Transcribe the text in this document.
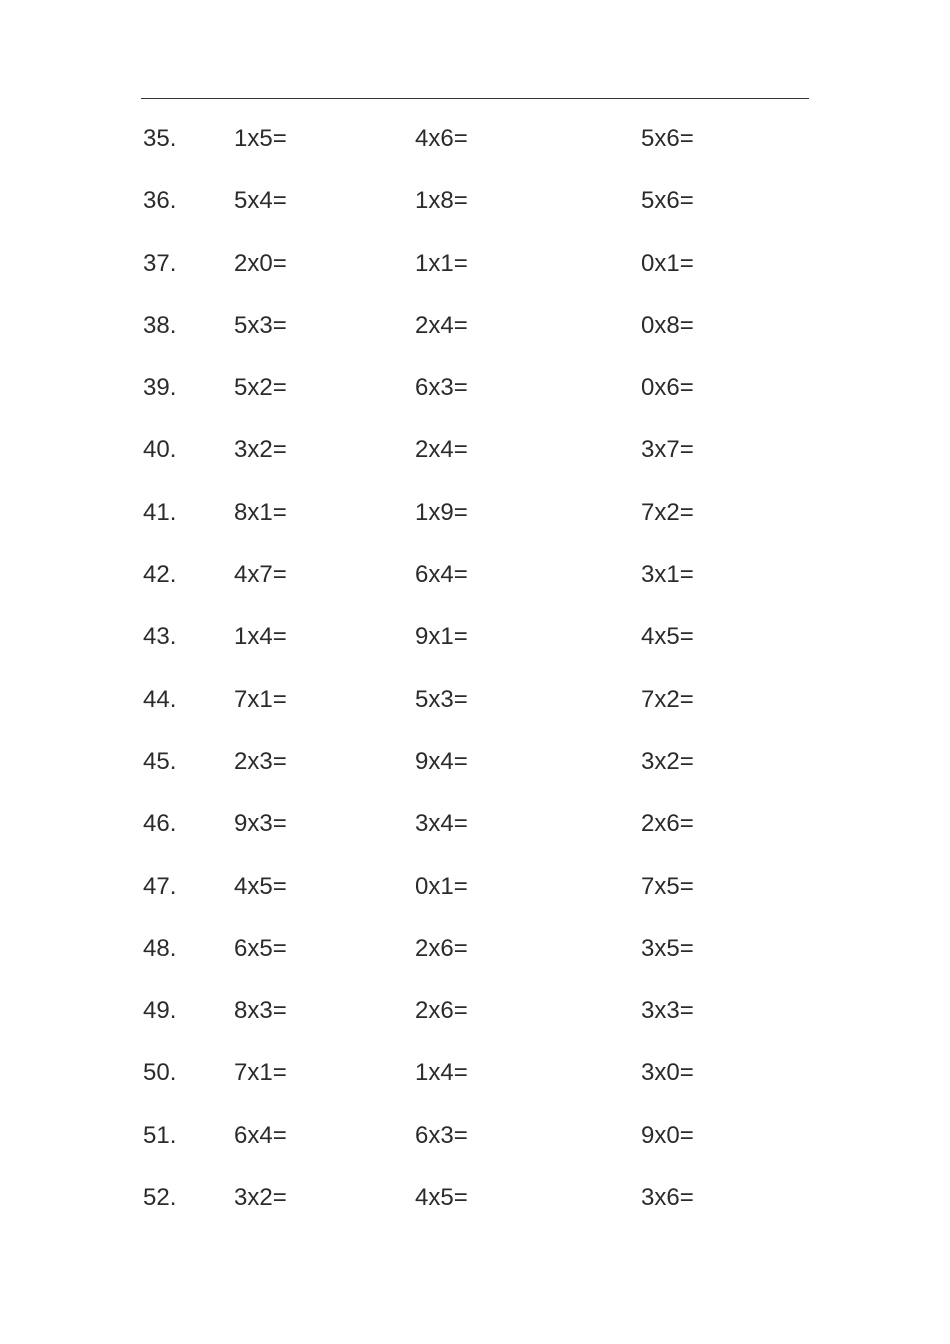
35. 1x5=	4x6=	5x6=
36. 5x4=	1x8=	5x6=
37. 2x0=	1x1=	0x1=
38. 5x3=	2x4=	0x8=
39. 5x2=	6x3=	0x6=
40. 3x2=	2x4=	3x7=
41. 8x1=	1x9=	7x2=
42. 4x7=	6x4=	3x1=
43. 1x4=	9x1=	4x5=
44. 7x1=	5x3=	7x2=
45. 2x3=	9x4=	3x2=
46. 9x3=	3x4=	2x6=
47. 4x5=	0x1=	7x5=
48. 6x5=	2x6=	3x5=
49. 8x3=	2x6=	3x3=
50. 7x1=	1x4=	3x0=
51. 6x4=	6x3=	9x0=
52. 3x2=	4x5=	3x6=
